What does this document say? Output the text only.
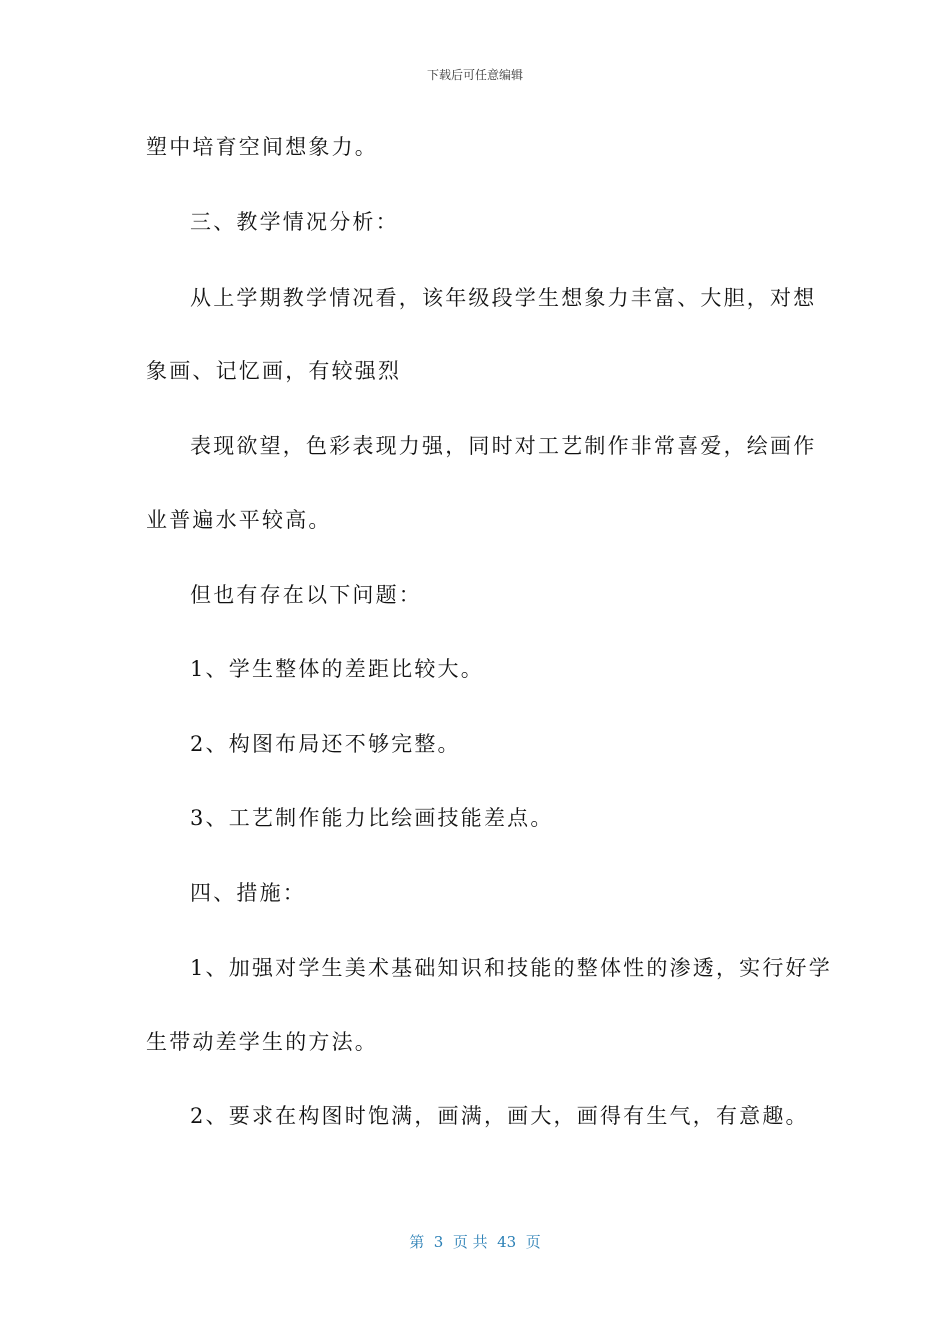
下载后可任意编辑
塑中培育空间想象力。
三、教学情况分析：
从上学期教学情况看，该年级段学生想象力丰富、大胆，对想
象画、记忆画，有较强烈
表现欲望，色彩表现力强，同时对工艺制作非常喜爱，绘画作
业普遍水平较高。
但也有存在以下问题：
1、学生整体的差距比较大。
2、构图布局还不够完整。
3、工艺制作能力比绘画技能差点。
四、措施：
1、加强对学生美术基础知识和技能的整体性的渗透，实行好学
生带动差学生的方法。
2、要求在构图时饱满，画满，画大，画得有生气，有意趣。
第  3  页 共  43  页
